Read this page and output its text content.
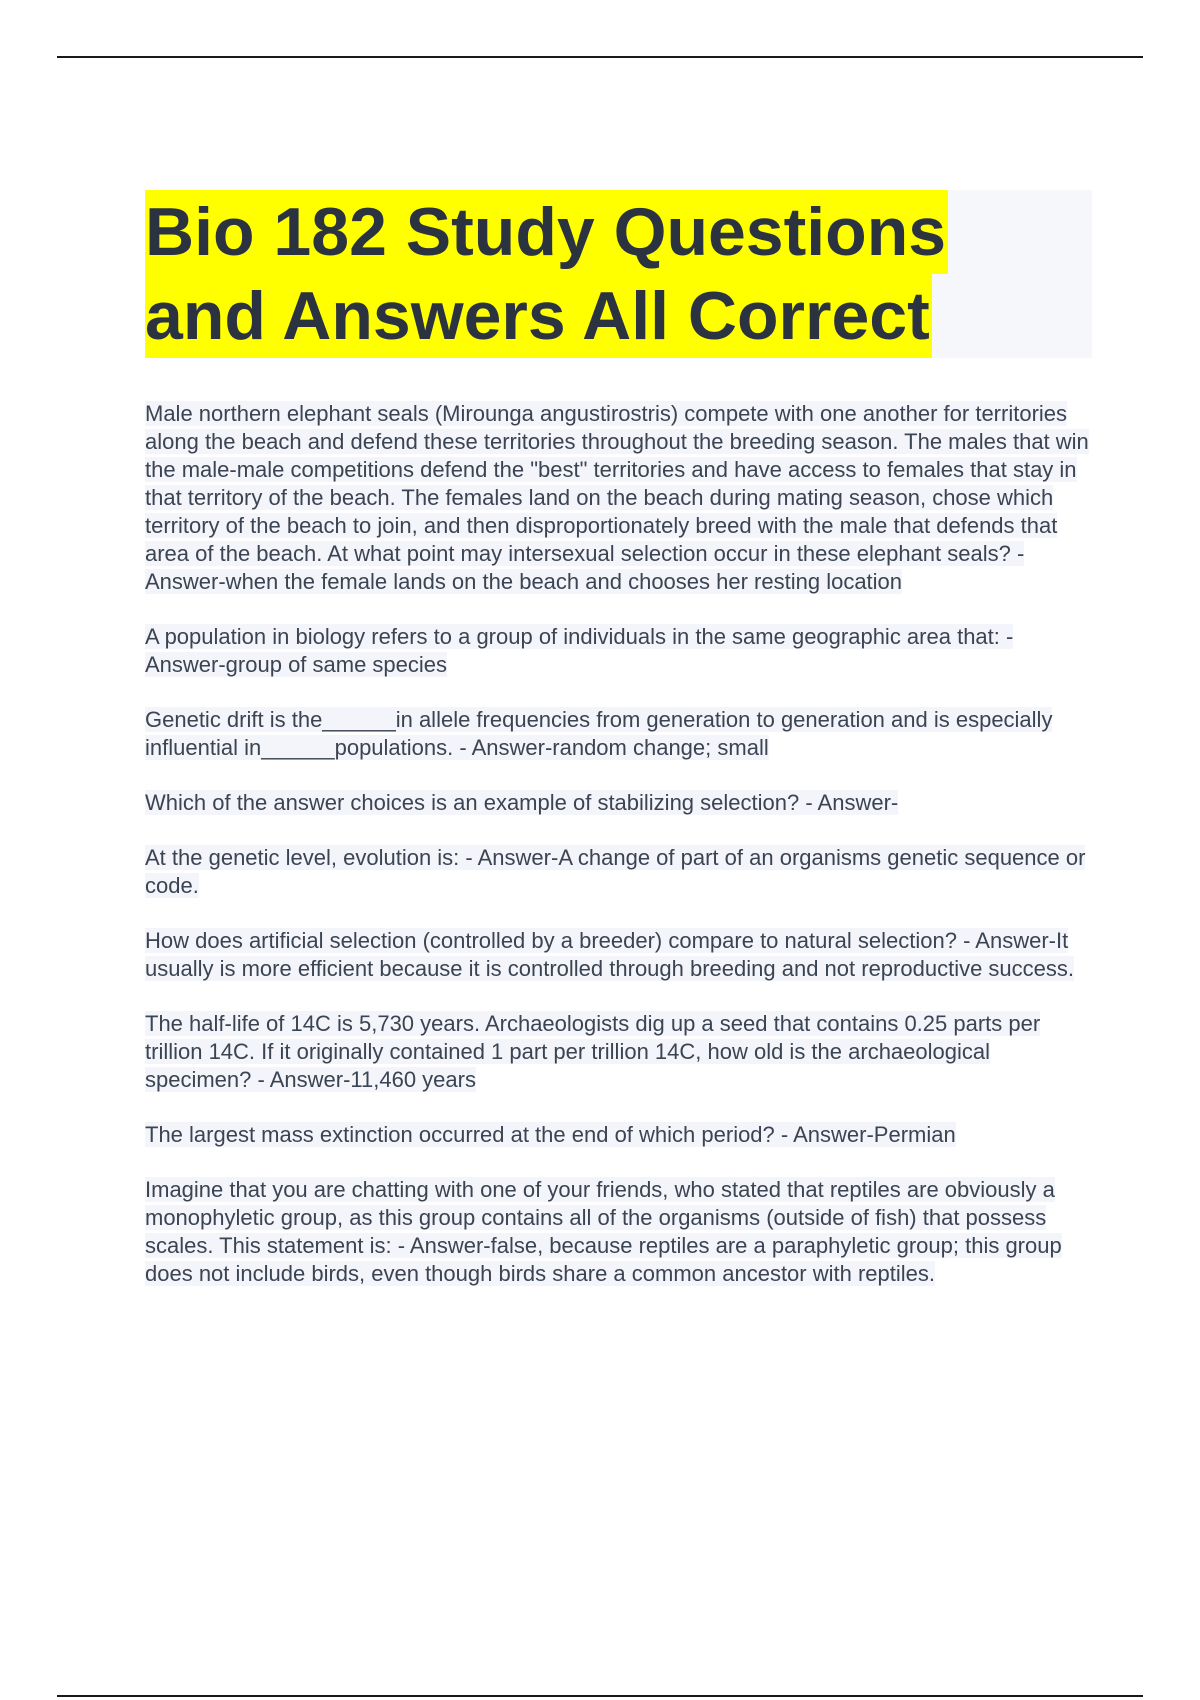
Bio 182 Study Questions
and Answers All Correct

Male northern elephant seals (Mirounga angustirostris) compete with one another for territories along the beach and defend these territories throughout the breeding season. The males that win the male-male competitions defend the "best" territories and have access to females that stay in that territory of the beach. The females land on the beach during mating season, chose which territory of the beach to join, and then disproportionately breed with the male that defends that area of the beach. At what point may intersexual selection occur in these elephant seals? - Answer-when the female lands on the beach and chooses her resting location

A population in biology refers to a group of individuals in the same geographic area that: - Answer-group of same species

Genetic drift is the______in allele frequencies from generation to generation and is especially influential in______populations. - Answer-random change; small

Which of the answer choices is an example of stabilizing selection? - Answer-

At the genetic level, evolution is: - Answer-A change of part of an organisms genetic sequence or code.

How does artificial selection (controlled by a breeder) compare to natural selection? - Answer-It usually is more efficient because it is controlled through breeding and not reproductive success.

The half-life of 14C is 5,730 years. Archaeologists dig up a seed that contains 0.25 parts per trillion 14C. If it originally contained 1 part per trillion 14C, how old is the archaeological specimen? - Answer-11,460 years

The largest mass extinction occurred at the end of which period? - Answer-Permian

Imagine that you are chatting with one of your friends, who stated that reptiles are obviously a monophyletic group, as this group contains all of the organisms (outside of fish) that possess scales. This statement is: - Answer-false, because reptiles are a paraphyletic group; this group does not include birds, even though birds share a common ancestor with reptiles.
